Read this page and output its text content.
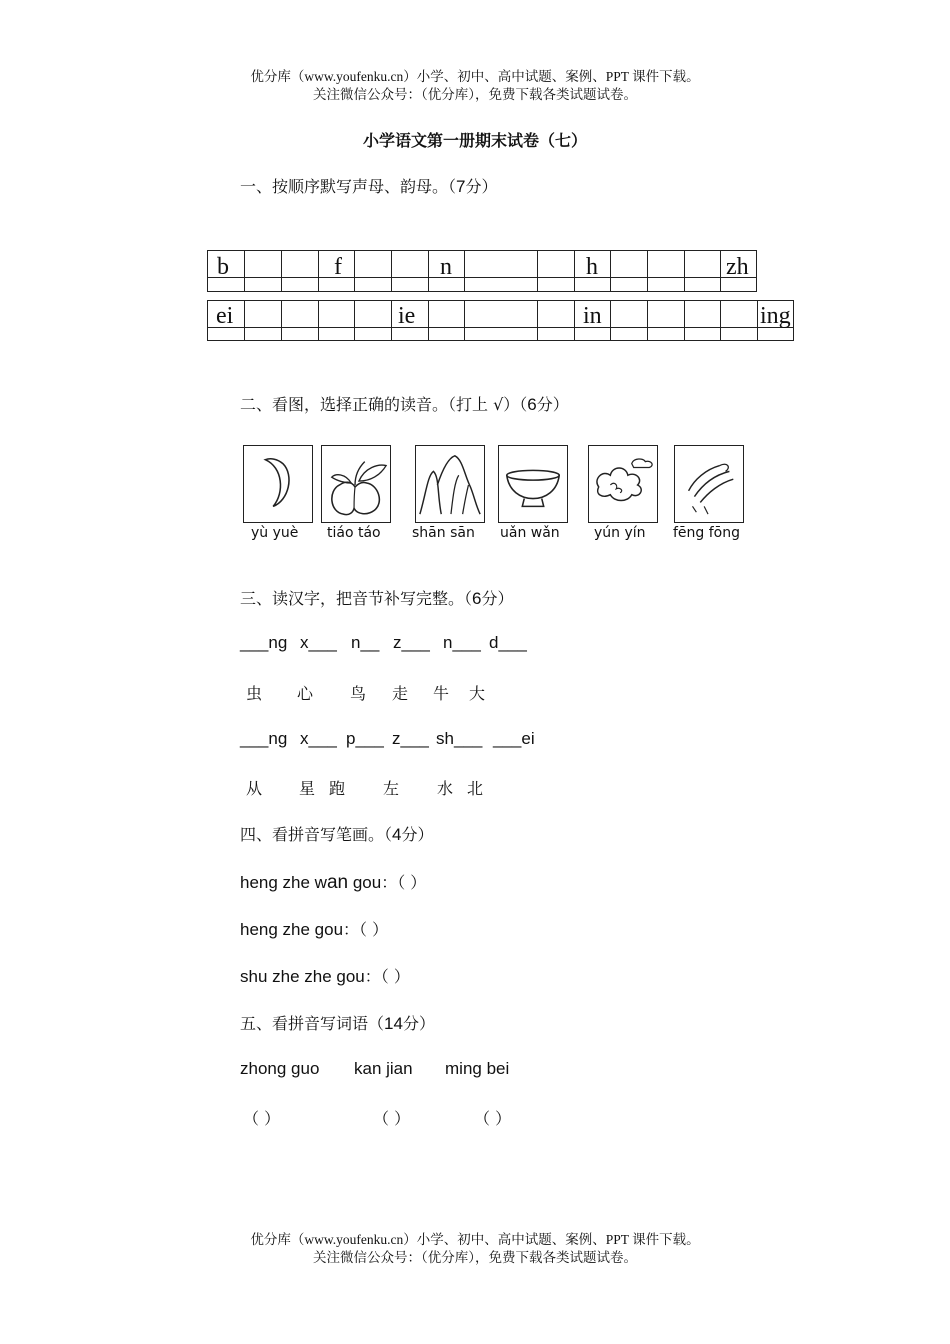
优分库（www.youfenku.cn）小学、初中、高中试题、案例、PPT 课件下载。
关注微信公众号：（优分库），免费下载各类试题试卷。
小学语文第一册期末试卷（七）
一、按顺序默写声母、韵母。（7分）
b	f	n	h	zh
ei	ie	in	ing
二、看图，选择正确的读音。（打上 √）（6分）
yù yuè tiáo táo shān sān uǎn wǎn yún yín fēng fōng
三、读汉字，把音节补写完整。（6分）
___ng x___ n__ z___ n___ d___
虫 心 鸟 走 牛 大
___ng x___ p___ z___ sh___ ___ei
从 星 跑 左 水 北
四、看拼音写笔画。（4分）
heng zhe wan gou：（ ）
heng zhe gou：（ ）
shu zhe zhe gou：（ ）
五、看拼音写词语（14分）
zhong guo kan jian ming bei
（ ）	（ ）	（ ）
优分库（www.youfenku.cn）小学、初中、高中试题、案例、PPT 课件下载。
关注微信公众号：（优分库），免费下载各类试题试卷。
